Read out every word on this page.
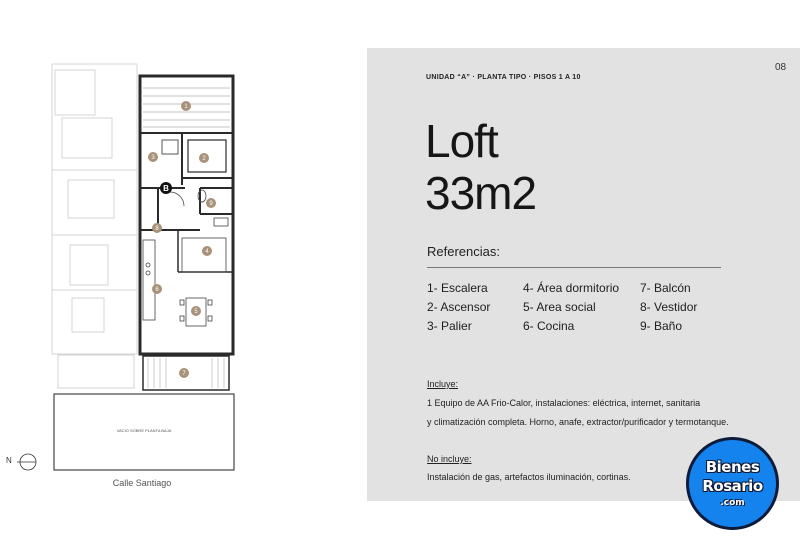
VACIO SOBRE PLANTA BAJA
1
2
3
4
5
6
7
8
9
8
B
N
Calle Santiago
UNIDAD “A” · PLANTA TIPO · PISOS 1 A 10
08
Loft
33m2
Referencias:
1- Escalera
2- Ascensor
3- Palier
4- Área dormitorio
5- Area social
6- Cocina
7- Balcón
8- Vestidor
9- Baño
Incluye:
1 Equipo de AA Frio-Calor, instalaciones: eléctrica, internet, sanitaria
y climatización completa. Horno, anafe, extractor/purificador y termotanque.
No incluye:
Instalación de gas, artefactos iluminación, cortinas.
Bienes
Rosario
.com
